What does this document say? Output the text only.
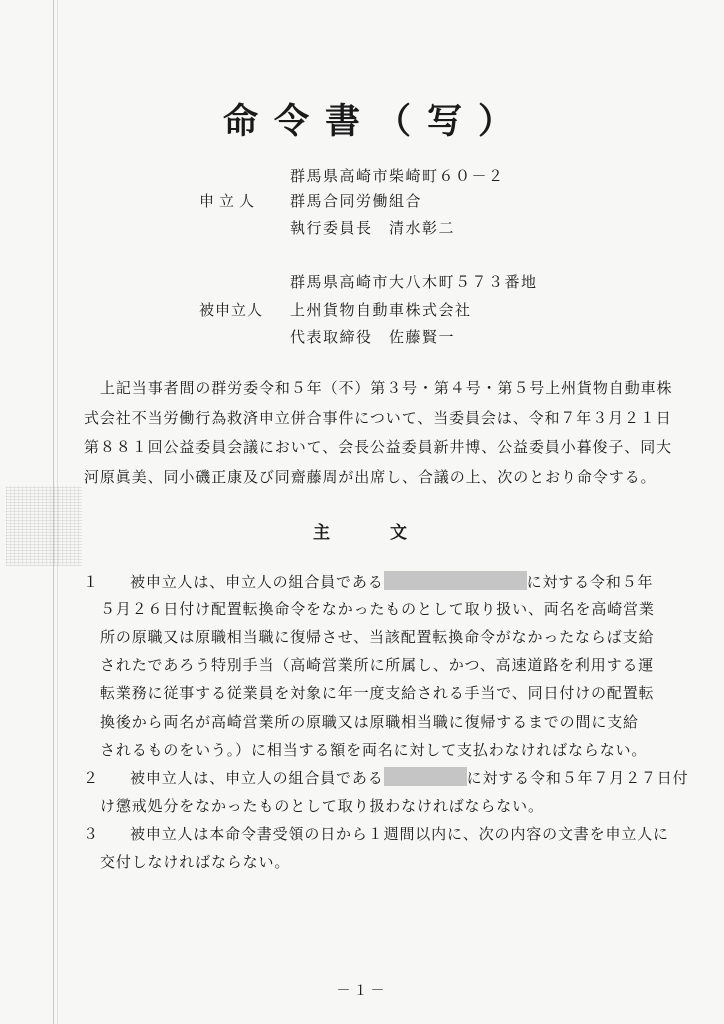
命令書（写）
群馬県高崎市柴崎町６０－２
申立人 群馬合同労働組合
執行委員長　清水彰二
群馬県高崎市大八木町５７３番地
被申立人 上州貨物自動車株式会社
代表取締役　佐藤賢一
上記当事者間の群労委令和５年（不）第３号・第４号・第５号上州貨物自動車株
式会社不当労働行為救済申立併合事件について、当委員会は、令和７年３月２１日
第８８１回公益委員会議において、会長公益委員新井博、公益委員小暮俊子、同大
河原眞美、同小磯正康及び同齋藤周が出席し、合議の上、次のとおり命令する。
主	文
１ 被申立人は、申立人の組合員である	に対する令和５年
５月２６日付け配置転換命令をなかったものとして取り扱い、両名を高崎営業
所の原職又は原職相当職に復帰させ、当該配置転換命令がなかったならば支給
されたであろう特別手当（高崎営業所に所属し、かつ、高速道路を利用する運
転業務に従事する従業員を対象に年一度支給される手当で、同日付けの配置転
換後から両名が高崎営業所の原職又は原職相当職に復帰するまでの間に支給
されるものをいう。）に相当する額を両名に対して支払わなければならない。
２ 被申立人は、申立人の組合員である	に対する令和５年７月２７日付
け懲戒処分をなかったものとして取り扱わなければならない。
３ 被申立人は本命令書受領の日から１週間以内に、次の内容の文書を申立人に
交付しなければならない。
－１－
